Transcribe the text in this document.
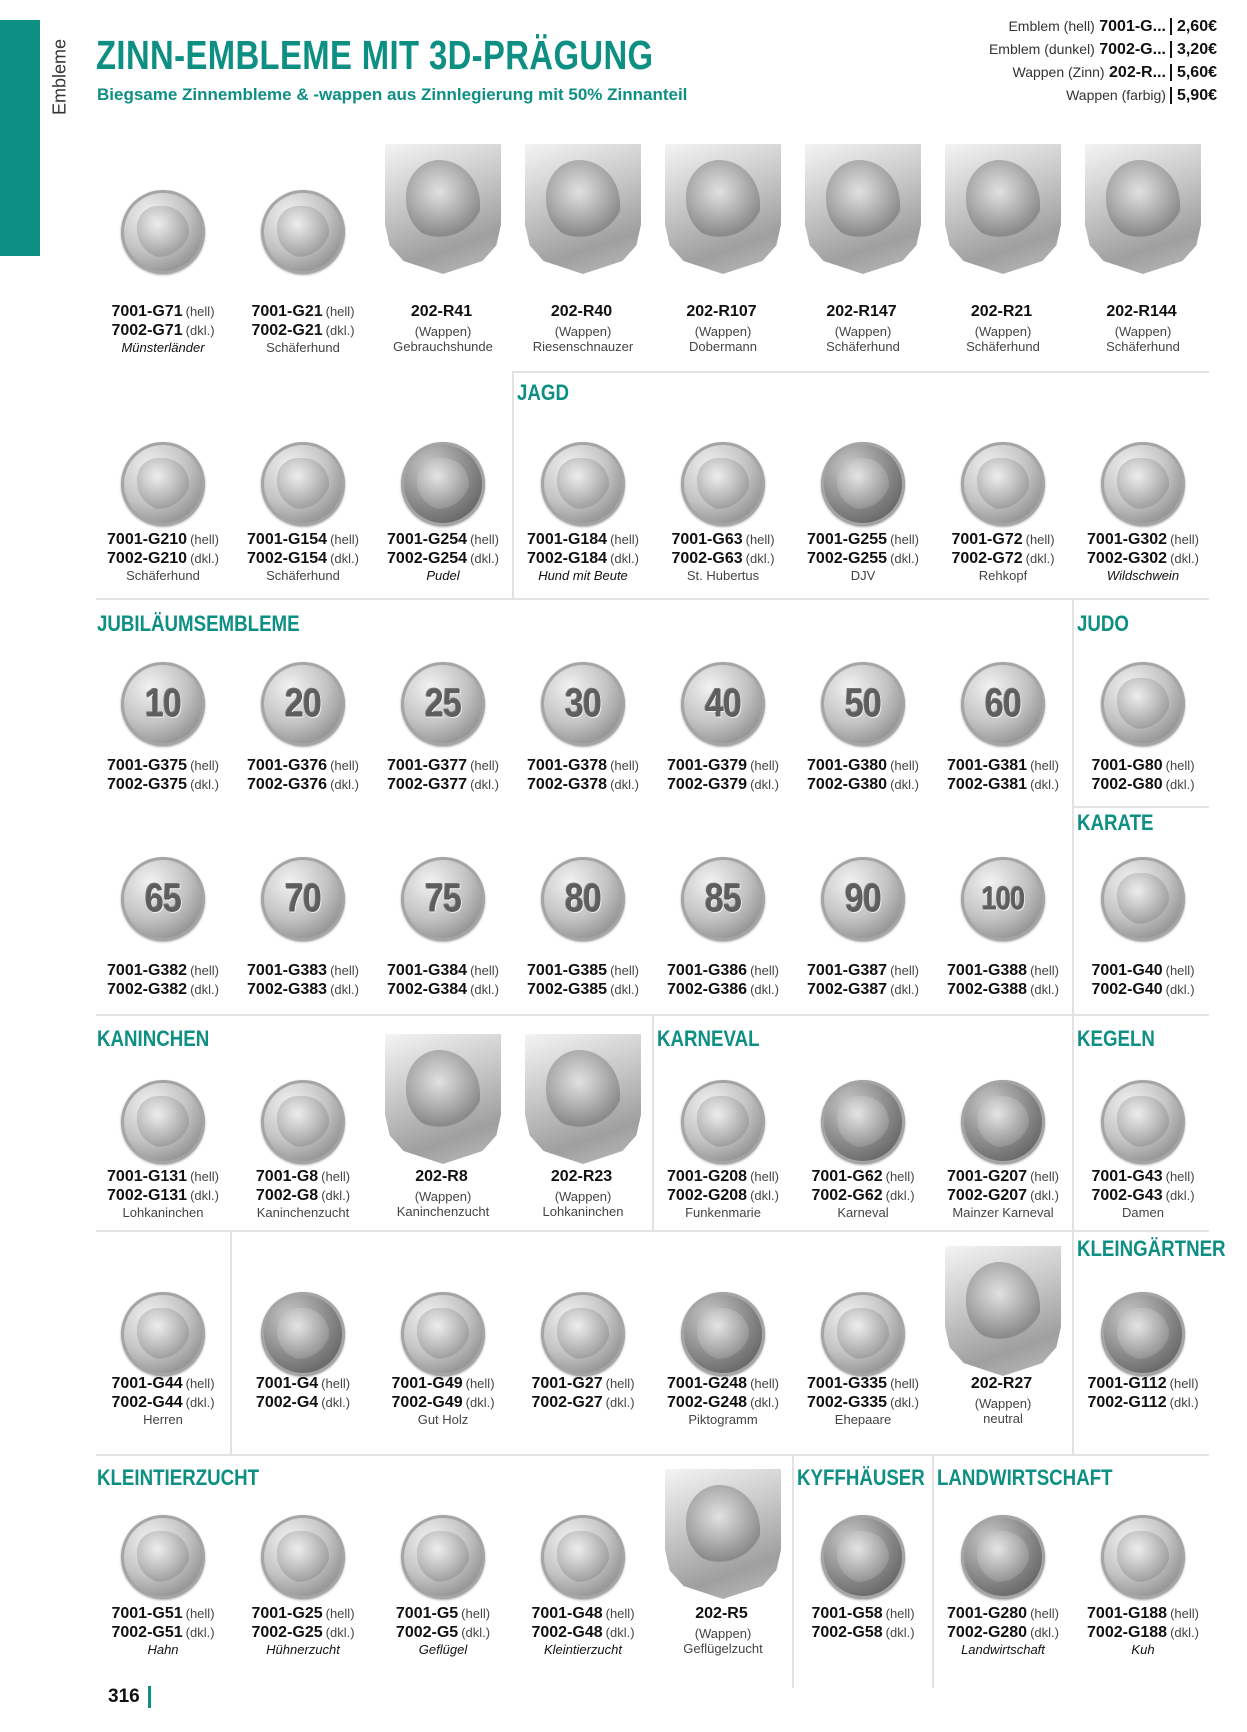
Embleme ZINN-EMBLEME MIT 3D-PRÄGUNG
Biegsame Zinnembleme & -wappen aus Zinnlegierung mit 50% Zinnanteil
Emblem (hell) 7001-G... 2,60€
Emblem (dunkel) 7002-G... 3,20€
Wappen (Zinn) 202-R... 5,60€
Wappen (farbig) 5,90€
JAGD
JUBILÄUMSEMBLEME	JUDO
KARATE
KANINCHEN	KARNEVAL	KEGELN
KLEINGÄRTNER
KLEINTIERZUCHT	KYFFHÄUSER LANDWIRTSCHAFT
7001-G71 (hell)
7002-G71 (dkl.)
Münsterländer
7001-G21 (hell)
7002-G21 (dkl.)
Schäferhund
202-R41
(Wappen)
Gebrauchshunde
202-R40
(Wappen)
Riesenschnauzer
202-R107
(Wappen)
Dobermann
202-R147
(Wappen)
Schäferhund
202-R21
(Wappen)
Schäferhund
202-R144
(Wappen)
Schäferhund
7001-G210 (hell)
7002-G210 (dkl.)
Schäferhund
7001-G154 (hell)
7002-G154 (dkl.)
Schäferhund
7001-G254 (hell)
7002-G254 (dkl.)
Pudel
7001-G184 (hell)
7002-G184 (dkl.)
Hund mit Beute
7001-G63 (hell)
7002-G63 (dkl.)
St. Hubertus
7001-G255 (hell)
7002-G255 (dkl.)
DJV
7001-G72 (hell)
7002-G72 (dkl.)
Rehkopf
7001-G302 (hell)
7002-G302 (dkl.)
Wildschwein
10
7001-G375 (hell)
7002-G375 (dkl.)
20
7001-G376 (hell)
7002-G376 (dkl.)
25
7001-G377 (hell)
7002-G377 (dkl.)
30
7001-G378 (hell)
7002-G378 (dkl.)
40
7001-G379 (hell)
7002-G379 (dkl.)
50
7001-G380 (hell)
7002-G380 (dkl.)
60
7001-G381 (hell)
7002-G381 (dkl.)
7001-G80 (hell)
7002-G80 (dkl.)
65
7001-G382 (hell)
7002-G382 (dkl.)
70
7001-G383 (hell)
7002-G383 (dkl.)
75
7001-G384 (hell)
7002-G384 (dkl.)
80
7001-G385 (hell)
7002-G385 (dkl.)
85
7001-G386 (hell)
7002-G386 (dkl.)
90
7001-G387 (hell)
7002-G387 (dkl.)
100
7001-G388 (hell)
7002-G388 (dkl.)
7001-G40 (hell)
7002-G40 (dkl.)
7001-G131 (hell)
7002-G131 (dkl.)
Lohkaninchen
7001-G8 (hell)
7002-G8 (dkl.)
Kaninchenzucht
202-R8
(Wappen)
Kaninchenzucht
202-R23
(Wappen)
Lohkaninchen
7001-G208 (hell)
7002-G208 (dkl.)
Funkenmarie
7001-G62 (hell)
7002-G62 (dkl.)
Karneval
7001-G207 (hell)
7002-G207 (dkl.)
Mainzer Karneval
7001-G43 (hell)
7002-G43 (dkl.)
Damen
7001-G44 (hell)
7002-G44 (dkl.)
Herren
7001-G4 (hell)
7002-G4 (dkl.)
7001-G49 (hell)
7002-G49 (dkl.)
Gut Holz
7001-G27 (hell)
7002-G27 (dkl.)
7001-G248 (hell)
7002-G248 (dkl.)
Piktogramm
7001-G335 (hell)
7002-G335 (dkl.)
Ehepaare
202-R27
(Wappen)
neutral
7001-G112 (hell)
7002-G112 (dkl.)
7001-G51 (hell)
7002-G51 (dkl.)
Hahn
7001-G25 (hell)
7002-G25 (dkl.)
Hühnerzucht
7001-G5 (hell)
7002-G5 (dkl.)
Geflügel
7001-G48 (hell)
7002-G48 (dkl.)
Kleintierzucht
202-R5
(Wappen)
Geflügelzucht
7001-G58 (hell)
7002-G58 (dkl.)
7001-G280 (hell)
7002-G280 (dkl.)
Landwirtschaft
7001-G188 (hell)
7002-G188 (dkl.)
Kuh
316
